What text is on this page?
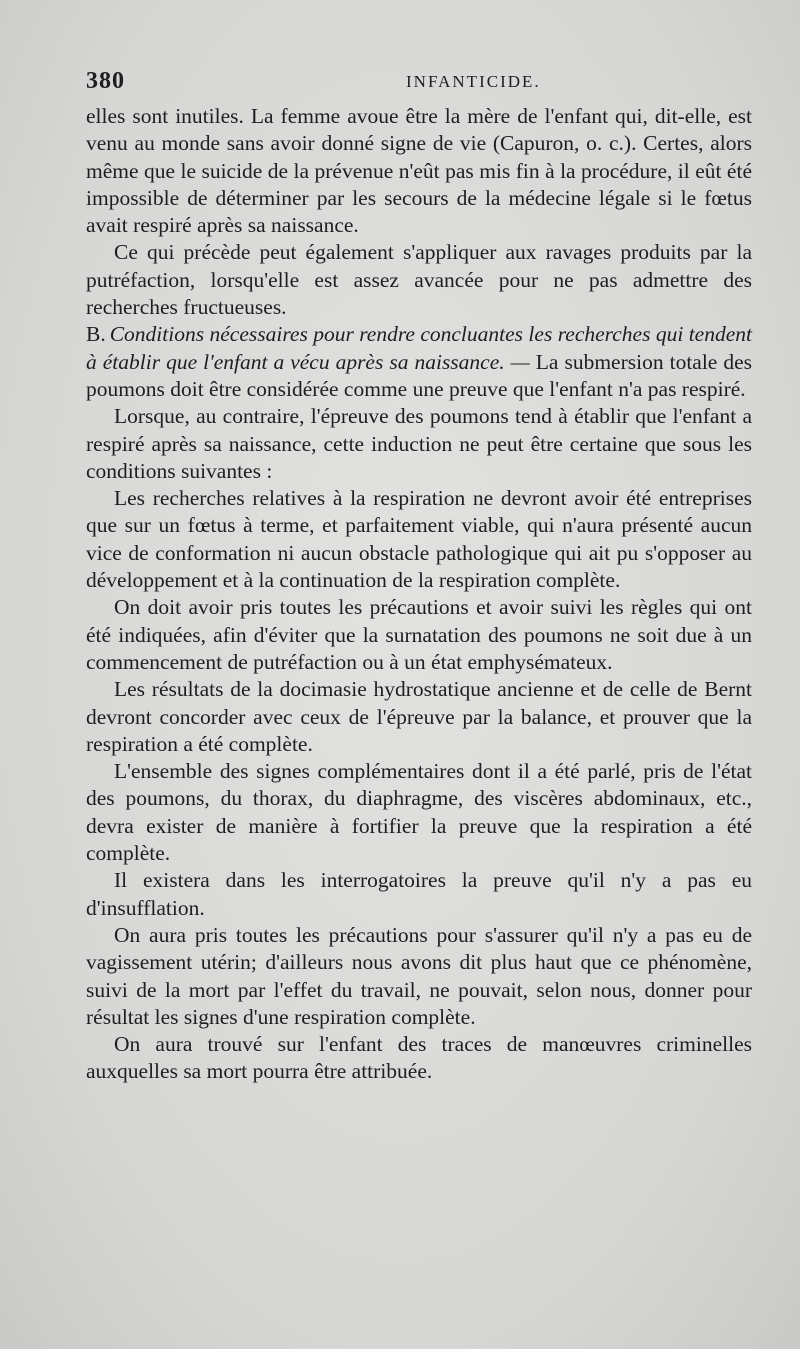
380	INFANTICIDE.

elles sont inutiles. La femme avoue être la mère de l'enfant qui, dit-elle, est venu au monde sans avoir donné signe de vie (Capuron, o. c.). Certes, alors même que le suicide de la prévenue n'eût pas mis fin à la procédure, il eût été impossible de déterminer par les secours de la médecine légale si le fœtus avait respiré après sa naissance.

Ce qui précède peut également s'appliquer aux ravages produits par la putréfaction, lorsqu'elle est assez avancée pour ne pas admettre des recherches fructueuses.

B. Conditions nécessaires pour rendre concluantes les recherches qui tendent à établir que l'enfant a vécu après sa naissance. — La submersion totale des poumons doit être considérée comme une preuve que l'enfant n'a pas respiré.

Lorsque, au contraire, l'épreuve des poumons tend à établir que l'enfant a respiré après sa naissance, cette induction ne peut être certaine que sous les conditions suivantes :

Les recherches relatives à la respiration ne devront avoir été entreprises que sur un fœtus à terme, et parfaitement viable, qui n'aura présenté aucun vice de conformation ni aucun obstacle pathologique qui ait pu s'opposer au développement et à la continuation de la respiration complète.

On doit avoir pris toutes les précautions et avoir suivi les règles qui ont été indiquées, afin d'éviter que la surnatation des poumons ne soit due à un commencement de putréfaction ou à un état emphysémateux.

Les résultats de la docimasie hydrostatique ancienne et de celle de Bernt devront concorder avec ceux de l'épreuve par la balance, et prouver que la respiration a été complète.

L'ensemble des signes complémentaires dont il a été parlé, pris de l'état des poumons, du thorax, du diaphragme, des viscères abdominaux, etc., devra exister de manière à fortifier la preuve que la respiration a été complète.

Il existera dans les interrogatoires la preuve qu'il n'y a pas eu d'insufflation.

On aura pris toutes les précautions pour s'assurer qu'il n'y a pas eu de vagissement utérin; d'ailleurs nous avons dit plus haut que ce phénomène, suivi de la mort par l'effet du travail, ne pouvait, selon nous, donner pour résultat les signes d'une respiration complète.

On aura trouvé sur l'enfant des traces de manœuvres criminelles auxquelles sa mort pourra être attribuée.
